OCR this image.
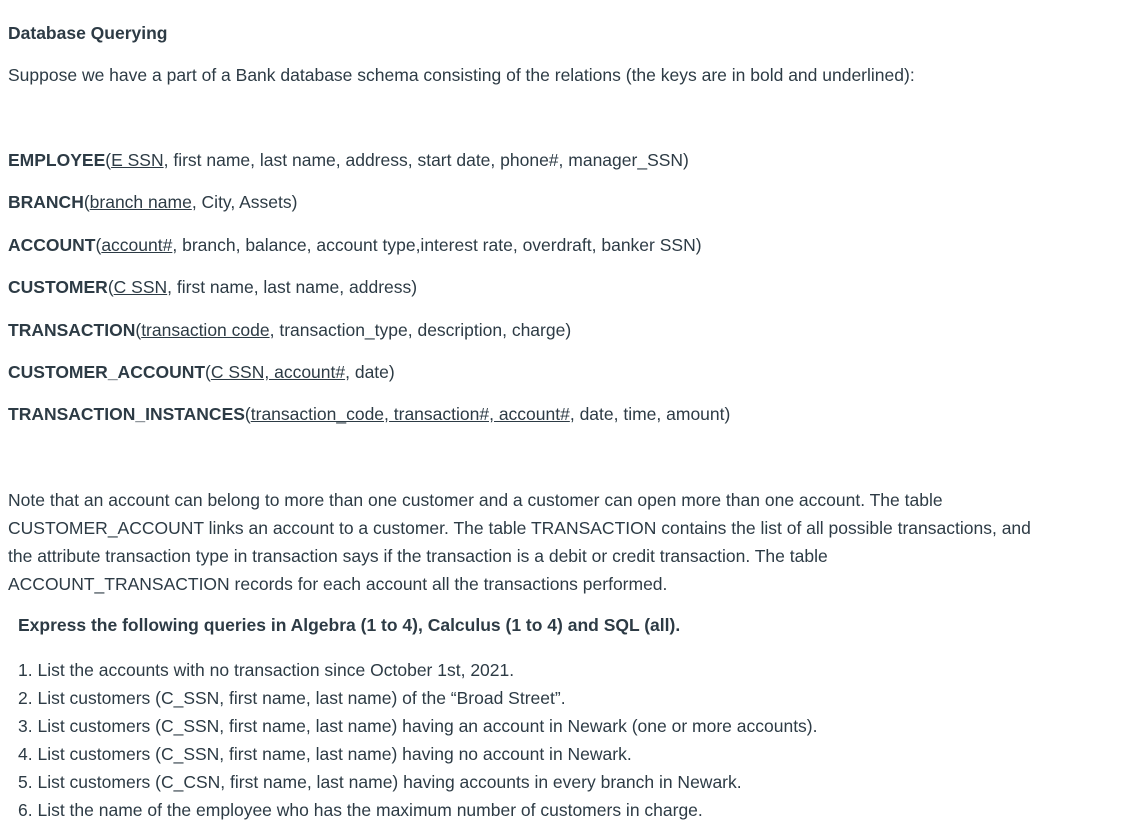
Database Querying
Suppose we have a part of a Bank database schema consisting of the relations (the keys are in bold and underlined):
EMPLOYEE(E SSN, first name, last name, address, start date, phone#, manager_SSN)
BRANCH(branch name, City, Assets)
ACCOUNT(account#, branch, balance, account type,interest rate, overdraft, banker SSN)
CUSTOMER(C SSN, first name, last name, address)
TRANSACTION(transaction code, transaction_type, description, charge)
CUSTOMER_ACCOUNT(C SSN, account#, date)
TRANSACTION_INSTANCES(transaction_code, transaction#, account#, date, time, amount)
Note that an account can belong to more than one customer and a customer can open more than one account. The table CUSTOMER_ACCOUNT links an account to a customer. The table TRANSACTION contains the list of all possible transactions, and the attribute transaction type in transaction says if the transaction is a debit or credit transaction. The table ACCOUNT_TRANSACTION records for each account all the transactions performed.
Express the following queries in Algebra (1 to 4), Calculus (1 to 4) and SQL (all).
1. List the accounts with no transaction since October 1st, 2021.
2. List customers (C_SSN, first name, last name) of the “Broad Street”.
3. List customers (C_SSN, first name, last name) having an account in Newark (one or more accounts).
4. List customers (C_SSN, first name, last name) having no account in Newark.
5. List customers (C_CSN, first name, last name) having accounts in every branch in Newark.
6. List the name of the employee who has the maximum number of customers in charge.
